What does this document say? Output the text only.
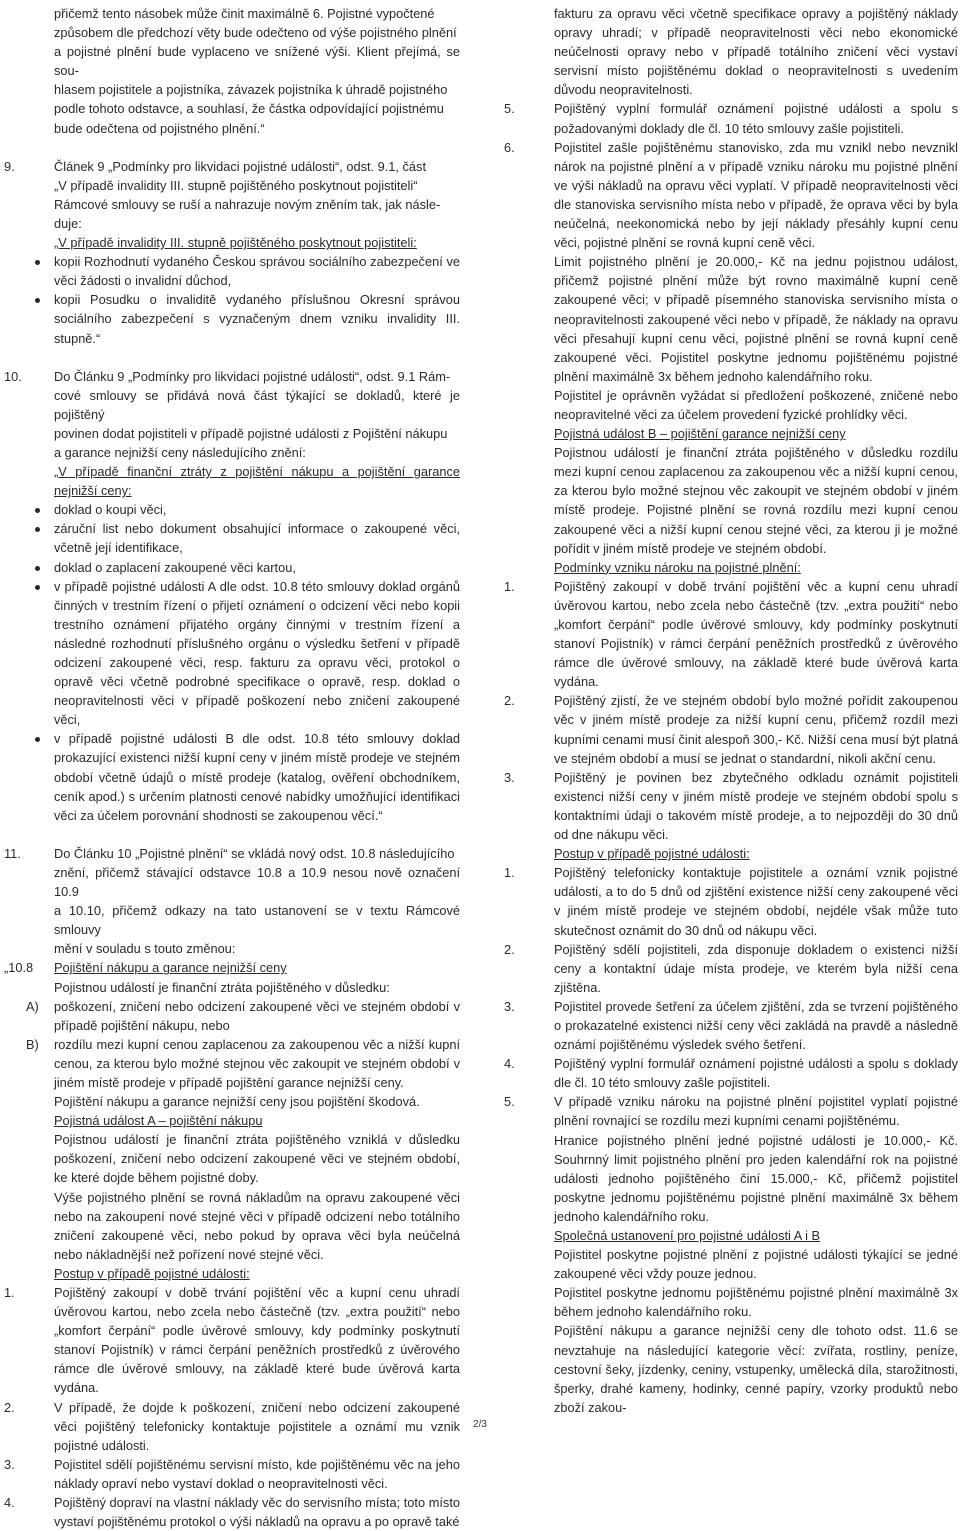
přičemž tento násobek může činit maximálně 6. Pojistné vypočtené
způsobem dle předchozí věty bude odečteno od výše pojistného plnění
a pojistné plnění bude vyplaceno ve snížené výši. Klient přejímá, se sou-
hlasem pojistitele a pojistníka, závazek pojistníka k úhradě pojistného
podle tohoto odstavce, a souhlasí, že částka odpovídající pojistnému
bude odečtena od pojistného plnění.“
9.	Článek 9 „Podmínky pro likvidaci pojistné události“, odst. 9.1, část
„V případě invalidity III. stupně pojištěného poskytnout pojistiteli“
Rámcové smlouvy se ruší a nahrazuje novým zněním tak, jak násle-
duje:
„V případě invalidity III. stupně pojištěného poskytnout pojistiteli:
kopii Rozhodnutí vydaného Českou správou sociálního zabezpečení ve věci žádosti o invalidní důchod,
kopii Posudku o invaliditě vydaného příslušnou Okresní správou sociálního zabezpečení s vyznačeným dnem vzniku invalidity III. stupně.“
10.	Do Článku 9 „Podmínky pro likvidaci pojistné události“, odst. 9.1 Rám-
cové smlouvy se přidává nová část týkající se dokladů, které je pojištěný
povinen dodat pojistiteli v případě pojistné události z Pojištění nákupu
a garance nejnižší ceny následujícího znění:
„V případě finanční ztráty z pojištění nákupu a pojištění garance nejnižší ceny:
doklad o koupi věci,
záruční list nebo dokument obsahující informace o zakoupené věci, včetně její identifikace,
doklad o zaplacení zakoupené věci kartou,
v případě pojistné události A dle odst. 10.8 této smlouvy doklad orgánů činných v trestním řízení o přijetí oznámení o odcizení věci nebo kopii trestního oznámení přijatého orgány činnými v trestním řízení a následné rozhodnutí příslušného orgánu o výsledku šetření v případě odcizení zakoupené věci, resp. fakturu za opravu věci, protokol o opravě věci včetně podrobné specifikace o opravě, resp. doklad o neopravitelnosti věci v případě poškození nebo zničení zakoupené věci,
v případě pojistné události B dle odst. 10.8 této smlouvy doklad prokazující existenci nižší kupní ceny v jiném místě prodeje ve stejném období včetně údajů o místě prodeje (katalog, ověření obchodníkem, ceník apod.) s určením platnosti cenové nabídky umožňující identifikaci věci za účelem porovnání shodnosti se zakoupenou věcí.“
11.	Do Článku 10 „Pojistné plnění“ se vkládá nový odst. 10.8 následujícího
znění, přičemž stávající odstavce 10.8 a 10.9 nesou nově označení 10.9
a 10.10, přičemž odkazy na tato ustanovení se v textu Rámcové smlouvy
mění v souladu s touto změnou:
„10.8 Pojištění nákupu a garance nejnižší ceny
Pojistnou událostí je finanční ztráta pojištěného v důsledku:
A) poškození, zničení nebo odcizení zakoupené věci ve stejném období v případě pojištění nákupu, nebo
B) rozdílu mezi kupní cenou zaplacenou za zakoupenou věc a nižší kupní cenou, za kterou bylo možné stejnou věc zakoupit ve stejném období v jiném místě prodeje v případě pojištění garance nejnižší ceny.
Pojištění nákupu a garance nejnižší ceny jsou pojištění škodová.
Pojistná událost A – pojištění nákupu
Pojistnou událostí je finanční ztráta pojištěného vzniklá v důsledku poškození, zničení nebo odcizení zakoupené věci ve stejném období, ke které dojde během pojistné doby.
Výše pojistného plnění se rovná nákladům na opravu zakoupené věci nebo na zakoupení nové stejné věci v případě odcizení nebo totálního zničení zakoupené věci, nebo pokud by oprava věci byla neúčelná nebo nákladnější než pořízení nové stejné věci.
Postup v případě pojistné události:
1.	Pojištěný zakoupí v době trvání pojištění věc a kupní cenu uhradí úvěrovou kartou, nebo zcela nebo částečně (tzv. „extra použití“ nebo „komfort čerpání“ podle úvěrové smlouvy, kdy podmínky poskytnutí stanoví Pojistník) v rámci čerpání peněžních prostředků z úvěrového rámce dle úvěrové smlouvy, na základě které bude úvěrová karta vydána.
2.	V případě, že dojde k poškození, zničení nebo odcizení zakoupené věci pojištěný telefonicky kontaktuje pojistitele a oznámí mu vznik pojistné události.
3.	Pojistitel sdělí pojištěnému servisní místo, kde pojištěnému věc na jeho náklady opraví nebo vystaví doklad o neopravitelnosti věci.
4.	Pojištěný dopraví na vlastní náklady věc do servisního místa; toto místo vystaví pojištěnému protokol o výši nákladů na opravu a po opravě také
fakturu za opravu věci včetně specifikace opravy a pojištěný náklady opravy uhradí; v případě neopravitelnosti věci nebo ekonomické neúčelnosti opravy nebo v případě totálního zničení věci vystaví servisní místo pojištěnému doklad o neopravitelnosti s uvedením důvodu neopravitelnosti.
5.	Pojištěný vyplní formulář oznámení pojistné události a spolu s požadovanými doklady dle čl. 10 této smlouvy zašle pojistiteli.
6.	Pojistitel zašle pojištěnému stanovisko, zda mu vznikl nebo nevznikl nárok na pojistné plnění a v případě vzniku nároku mu pojistné plnění ve výši nákladů na opravu věci vyplatí. V případě neopravitelnosti věci dle stanoviska servisního místa nebo v případě, že oprava věci by byla neúčelná, neekonomická nebo by její náklady přesáhly kupní cenu věci, pojistné plnění se rovná kupní ceně věci.
Limit pojistného plnění je 20.000,- Kč na jednu pojistnou událost, přičemž pojistné plnění může být rovno maximálně kupní ceně zakoupené věci; v případě písemného stanoviska servisního místa o neopravitelnosti zakoupené věci nebo v případě, že náklady na opravu věci přesahují kupní cenu věci, pojistné plnění se rovná kupní ceně zakoupené věci. Pojistitel poskytne jednomu pojištěnému pojistné plnění maximálně 3x během jednoho kalendářního roku.
Pojistitel je oprávněn vyžádat si předložení poškozené, zničené nebo neopravitelné věci za účelem provedení fyzické prohlídky věci.
Pojistná událost B – pojištění garance nejnižší ceny
Pojistnou událostí je finanční ztráta pojištěného v důsledku rozdílu mezi kupní cenou zaplacenou za zakoupenou věc a nižší kupní cenou, za kterou bylo možné stejnou věc zakoupit ve stejném období v jiném místě prodeje. Pojistné plnění se rovná rozdílu mezi kupní cenou zakoupené věci a nižší kupní cenou stejné věci, za kterou ji je možné pořídit v jiném místě prodeje ve stejném období.
Podmínky vzniku nároku na pojistné plnění:
1.	Pojištěný zakoupí v době trvání pojištění věc a kupní cenu uhradí úvěrovou kartou, nebo zcela nebo částečně (tzv. „extra použití“ nebo „komfort čerpání“ podle úvěrové smlouvy, kdy podmínky poskytnutí stanoví Pojistník) v rámci čerpání peněžních prostředků z úvěrového rámce dle úvěrové smlouvy, na základě které bude úvěrová karta vydána.
2.	Pojištěný zjistí, že ve stejném období bylo možné pořídit zakoupenou věc v jiném místě prodeje za nižší kupní cenu, přičemž rozdíl mezi kupními cenami musí činit alespoň 300,- Kč. Nižší cena musí být platná ve stejném období a musí se jednat o standardní, nikoli akční cenu.
3.	Pojištěný je povinen bez zbytečného odkladu oznámit pojistiteli existenci nižší ceny v jiném místě prodeje ve stejném období spolu s kontaktními údaji o takovém místě prodeje, a to nejpozději do 30 dnů od dne nákupu věci.
Postup v případě pojistné události:
1.	Pojištěný telefonicky kontaktuje pojistitele a oznámí vznik pojistné události, a to do 5 dnů od zjištění existence nižší ceny zakoupené věci v jiném místě prodeje ve stejném období, nejdéle však může tuto skutečnost oznámit do 30 dnů od nákupu věci.
2.	Pojištěný sdělí pojistiteli, zda disponuje dokladem o existenci nižší ceny a kontaktní údaje místa prodeje, ve kterém byla nižší cena zjištěna.
3.	Pojistitel provede šetření za účelem zjištění, zda se tvrzení pojištěného o prokazatelné existenci nižší ceny věci zakládá na pravdě a následně oznámí pojištěnému výsledek svého šetření.
4.	Pojištěný vyplní formulář oznámení pojistné události a spolu s doklady dle čl. 10 této smlouvy zašle pojistiteli.
5.	V případě vzniku nároku na pojistné plnění pojistitel vyplatí pojistné plnění rovnající se rozdílu mezi kupními cenami pojištěnému.
Hranice pojistného plnění jedné pojistné události je 10.000,- Kč. Souhrnný limit pojistného plnění pro jeden kalendářní rok na pojistné události jednoho pojištěného činí 15.000,- Kč, přičemž pojistitel poskytne jednomu pojištěnému pojistné plnění maximálně 3x během jednoho kalendářního roku.
Společná ustanovení pro pojistné události A i B
Pojistitel poskytne pojistné plnění z pojistné události týkající se jedné zakoupené věci vždy pouze jednou.
Pojistitel poskytne jednomu pojištěnému pojistné plnění maximálně 3x během jednoho kalendářního roku.
Pojištění nákupu a garance nejnižší ceny dle tohoto odst. 11.6 se nevztahuje na následující kategorie věcí: zvířata, rostliny, peníze, cestovní šeky, jízdenky, ceniny, vstupenky, umělecká díla, starožitnosti, šperky, drahé kameny, hodinky, cenné papíry, vzorky produktů nebo zboží zakou-
2/3
